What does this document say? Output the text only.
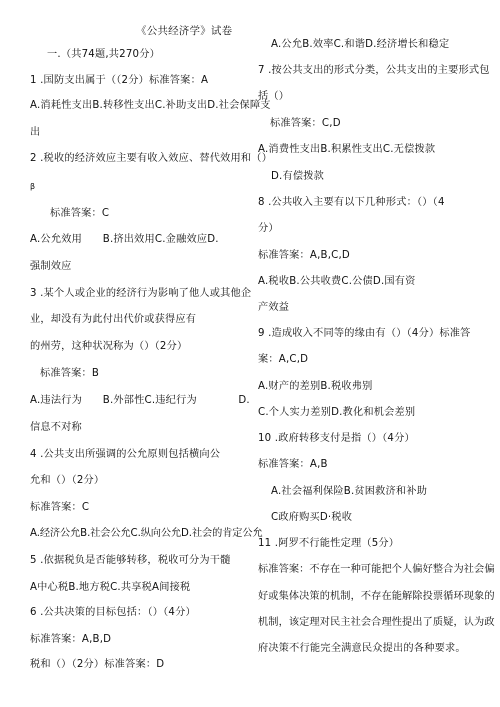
《公共经济学》试卷
一.（共74题,共270分）
1 .国防支出属于（（2分）标准答案：A
A.消耗性支出B.转移性支出C.补助支出D.社会保障支
出
2 .税收的经济效应主要有收入效应、替代效用和（）
β
标准答案：C
A.公允效用　　B.挤出效用C.金融效应D.
强制效应
3 .某个人或企业的经济行为影响了他人或其他企
业，却没有为此付出代价或获得应有
的州劳，这种状况称为（）（2分）
标准答案：B
A.违法行为　　B.外部性C.违纪行为　　　　D.
信息不对称
4 .公共支出所强调的公允原则包括横向公
允和（）（2分）
标准答案：C
A.经济公允B.社会公允C.纵向公允D.社会的肯定公允
5 .依据税负是否能够转移，税收可分为干髓
A中心税B.地方税C.共享税A间接税
6 .公共决策的目标包括：（）（4分）
标准答案：A,B,D
税和（）（2分）标准答案：D
A.公允B.效率C.和谐D.经济增长和稳定
7 .按公共支出的形式分类，公共支出的主要形式包
括（）
标准答案：C,D
A.消费性支出B.积累性支出C.无偿拨款
D.有偿拨款
8 .公共收入主要有以下几种形式：（）（4
分）
标准答案：A,B,C,D
A.税收B.公共收费C.公债D.国有资
产效益
9 .造成收入不同等的缘由有（）（4分）标准答
案：A,C,D
A.财产的差别B.税收弗别
C.个人实力差别D.教化和机会差别
10 .政府转移支付是指（）（4分）
标准答案：A,B
A.社会福利保险B.贫困救济和补助
C政府购买D·税收
11 .阿罗不行能性定理（5分）
标准答案：不存在一种可能把个人偏好整合为社会偏
好或集体决策的机制，不存在能解除投票循环现象的
机制，该定理对民主社会合理性提出了质疑，认为政
府决策不行能完全满意民众提出的各种要求。
